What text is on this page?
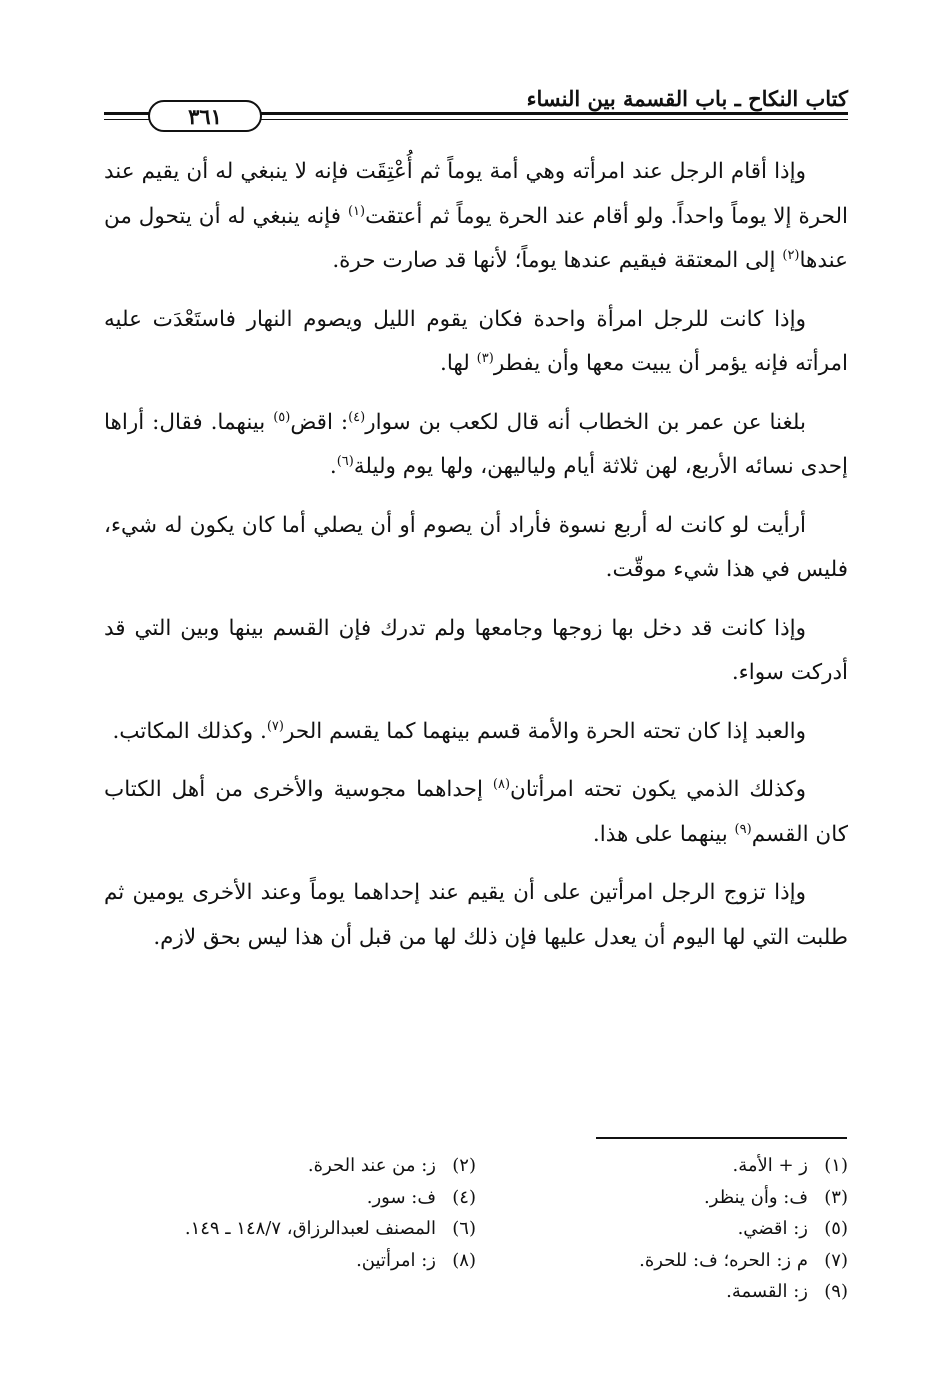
٣٦١
كتاب النكاح ـ باب القسمة بين النساء

وإذا أقام الرجل عند امرأته وهي أمة يوماً ثم أُعْتِقَت فإنه لا ينبغي له أن يقيم عند الحرة إلا يوماً واحداً. ولو أقام عند الحرة يوماً ثم أعتقت$^{(١)}$ فإنه ينبغي له أن يتحول من عندها$^{(٢)}$ إلى المعتقة فيقيم عندها يوماً؛ لأنها قد صارت حرة.

وإذا كانت للرجل امرأة واحدة فكان يقوم الليل ويصوم النهار فاستَعْدَت عليه امرأته فإنه يؤمر أن يبيت معها وأن يفطر$^{(٣)}$ لها.

بلغنا عن عمر بن الخطاب أنه قال لكعب بن سوار$^{(٤)}$: اقض$^{(٥)}$ بينهما. فقال: أراها إحدى نسائه الأربع، لهن ثلاثة أيام ولياليهن، ولها يوم وليلة$^{(٦)}$.

أرأيت لو كانت له أربع نسوة فأراد أن يصوم أو أن يصلي أما كان يكون له شيء، فليس في هذا شيء موقّت.

وإذا كانت قد دخل بها زوجها وجامعها ولم تدرك فإن القسم بينها وبين التي قد أدركت سواء.

والعبد إذا كان تحته الحرة والأمة قسم بينهما كما يقسم الحر$^{(٧)}$. وكذلك المكاتب.

وكذلك الذمي يكون تحته امرأتان$^{(٨)}$ إحداهما مجوسية والأخرى من أهل الكتاب كان القسم$^{(٩)}$ بينهما على هذا.

وإذا تزوج الرجل امرأتين على أن يقيم عند إحداهما يوماً وعند الأخرى يومين ثم طلبت التي لها اليوم أن يعدل عليها فإن ذلك لها من قبل أن هذا ليس بحق لازم.

(١)ز + الأمة.
(٣)ف: وأن ينظر.
(٥)ز: اقضي.
(٧)م ز: الحره؛ ف: للحرة.
(٩)ز: القسمة.
(٢)ز: من عند الحرة.
(٤)ف: سور.
(٦)المصنف لعبدالرزاق، ١٤٨/٧ ـ ١٤٩.
(٨)ز: امرأتين.
